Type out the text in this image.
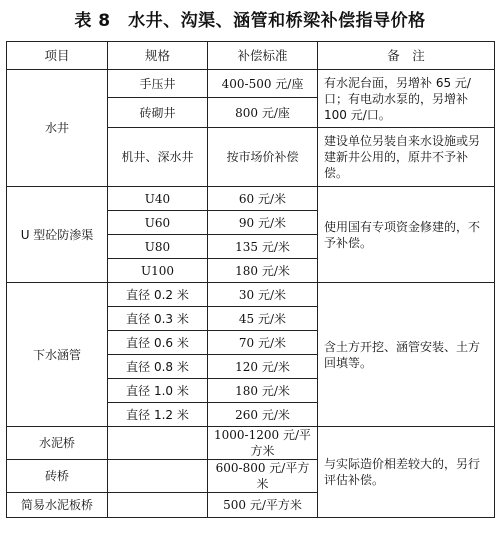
表 8　水井、沟渠、涵管和桥梁补偿指导价格
项目	规格	补偿标准	备　注
水井	手压井	400-500 元/座	有水泥台面，另增补 65 元/口；有电动水泵的，另增补 100 元/口。
	砖砌井	800 元/座	
	机井、深水井	按市场价补偿	建设单位另装自来水设施或另建新井公用的，原井不予补偿。
U 型砼防渗渠	U40	60 元/米	使用国有专项资金修建的，不予补偿。
	U60	90 元/米	
	U80	135 元/米	
	U100	180 元/米	
下水涵管	直径 0.2 米	30 元/米	含土方开挖、涵管安装、土方回填等。
	直径 0.3 米	45 元/米	
	直径 0.6 米	70 元/米	
	直径 0.8 米	120 元/米	
	直径 1.0 米	180 元/米	
	直径 1.2 米	260 元/米	
水泥桥		1000-1200 元/平方米	与实际造价相差较大的，另行评估补偿。
砖桥		600-800 元/平方米	
简易水泥板桥		500 元/平方米	
